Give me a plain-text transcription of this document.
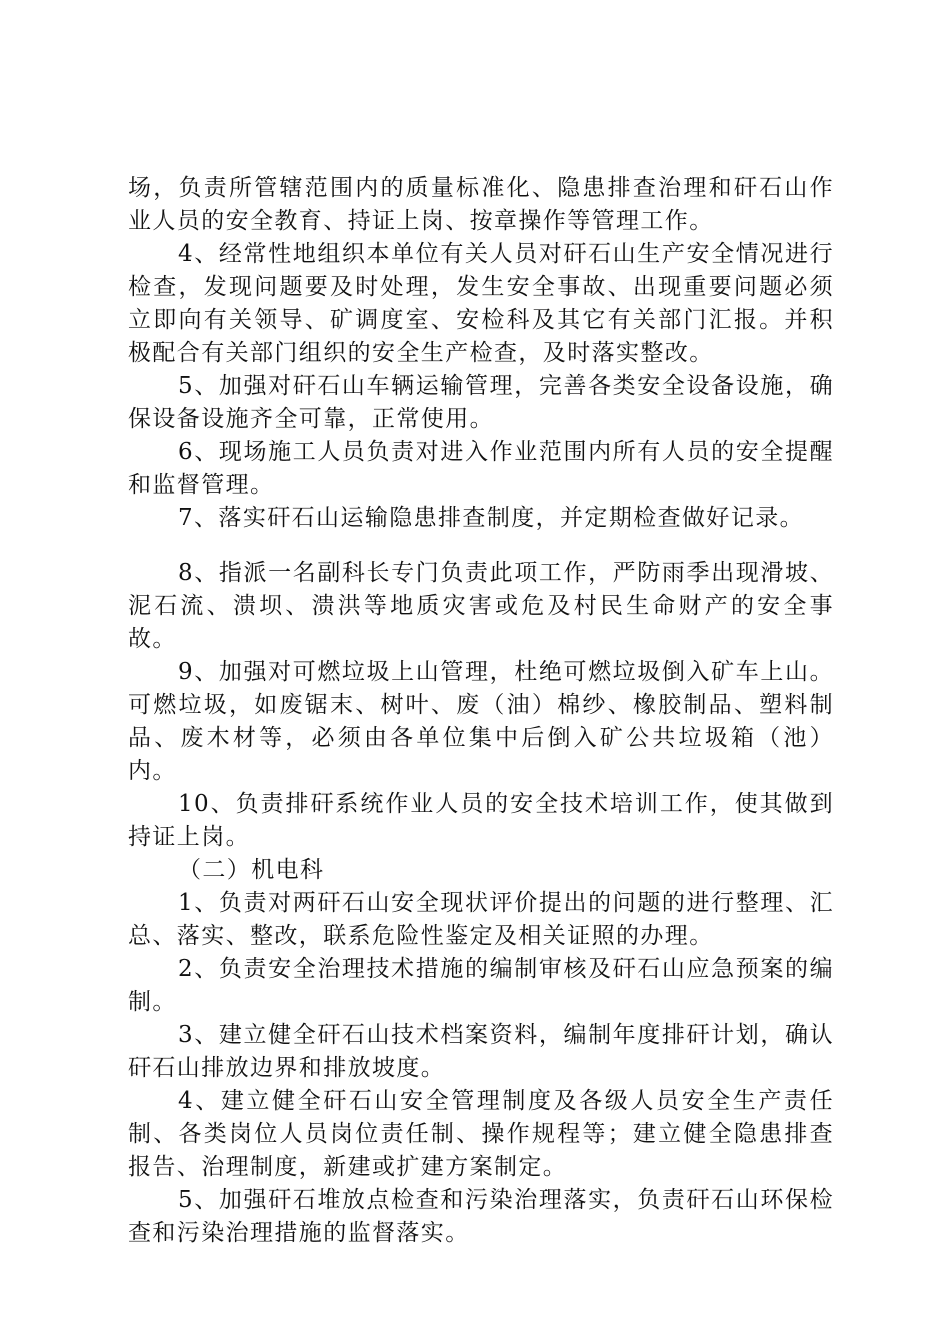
场，负责所管辖范围内的质量标准化、隐患排查治理和矸石山作业人员的安全教育、持证上岗、按章操作等管理工作。

4、经常性地组织本单位有关人员对矸石山生产安全情况进行检查，发现问题要及时处理，发生安全事故、出现重要问题必须立即向有关领导、矿调度室、安检科及其它有关部门汇报。并积极配合有关部门组织的安全生产检查，及时落实整改。

5、加强对矸石山车辆运输管理，完善各类安全设备设施，确保设备设施齐全可靠，正常使用。

6、现场施工人员负责对进入作业范围内所有人员的安全提醒和监督管理。

7、落实矸石山运输隐患排查制度，并定期检查做好记录。

8、指派一名副科长专门负责此项工作，严防雨季出现滑坡、泥石流、溃坝、溃洪等地质灾害或危及村民生命财产的安全事故。

9、加强对可燃垃圾上山管理，杜绝可燃垃圾倒入矿车上山。可燃垃圾，如废锯末、树叶、废（油）棉纱、橡胶制品、塑料制品、废木材等，必须由各单位集中后倒入矿公共垃圾箱（池）内。

10、负责排矸系统作业人员的安全技术培训工作，使其做到持证上岗。

（二）机电科

1、负责对两矸石山安全现状评价提出的问题的进行整理、汇总、落实、整改，联系危险性鉴定及相关证照的办理。

2、负责安全治理技术措施的编制审核及矸石山应急预案的编制。

3、建立健全矸石山技术档案资料，编制年度排矸计划，确认矸石山排放边界和排放坡度。

4、建立健全矸石山安全管理制度及各级人员安全生产责任制、各类岗位人员岗位责任制、操作规程等；建立健全隐患排查报告、治理制度，新建或扩建方案制定。

5、加强矸石堆放点检查和污染治理落实，负责矸石山环保检查和污染治理措施的监督落实。
